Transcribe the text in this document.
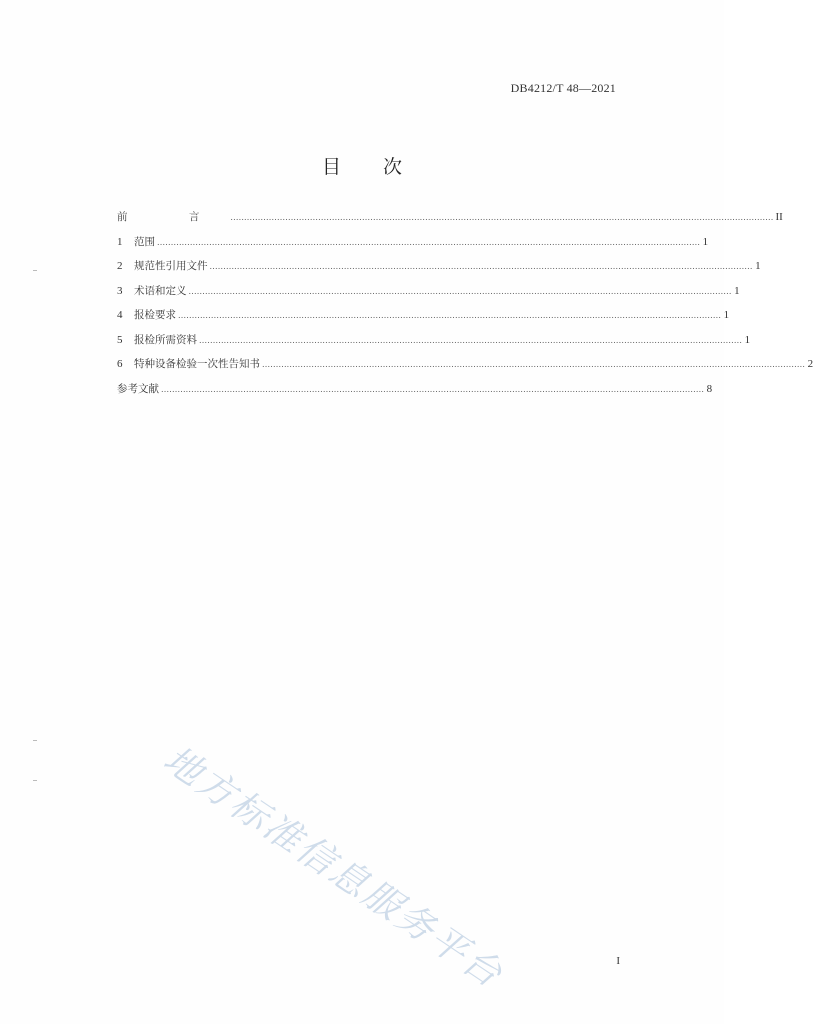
DB4212/T 48—2021
目 次
前 言 ...................................................................................................................................................................................................... II
1	范围 ...................................................................................................................................................................................................... 1
2	规范性引用文件 ...................................................................................................................................................................................................... 1
3	术语和定义 ...................................................................................................................................................................................................... 1
4	报检要求 ...................................................................................................................................................................................................... 1
5	报检所需资料 ...................................................................................................................................................................................................... 1
6	特种设备检验一次性告知书 ...................................................................................................................................................................................................... 2
参考文献 ...................................................................................................................................................................................................... 8
地方标准信息服务平台	I
